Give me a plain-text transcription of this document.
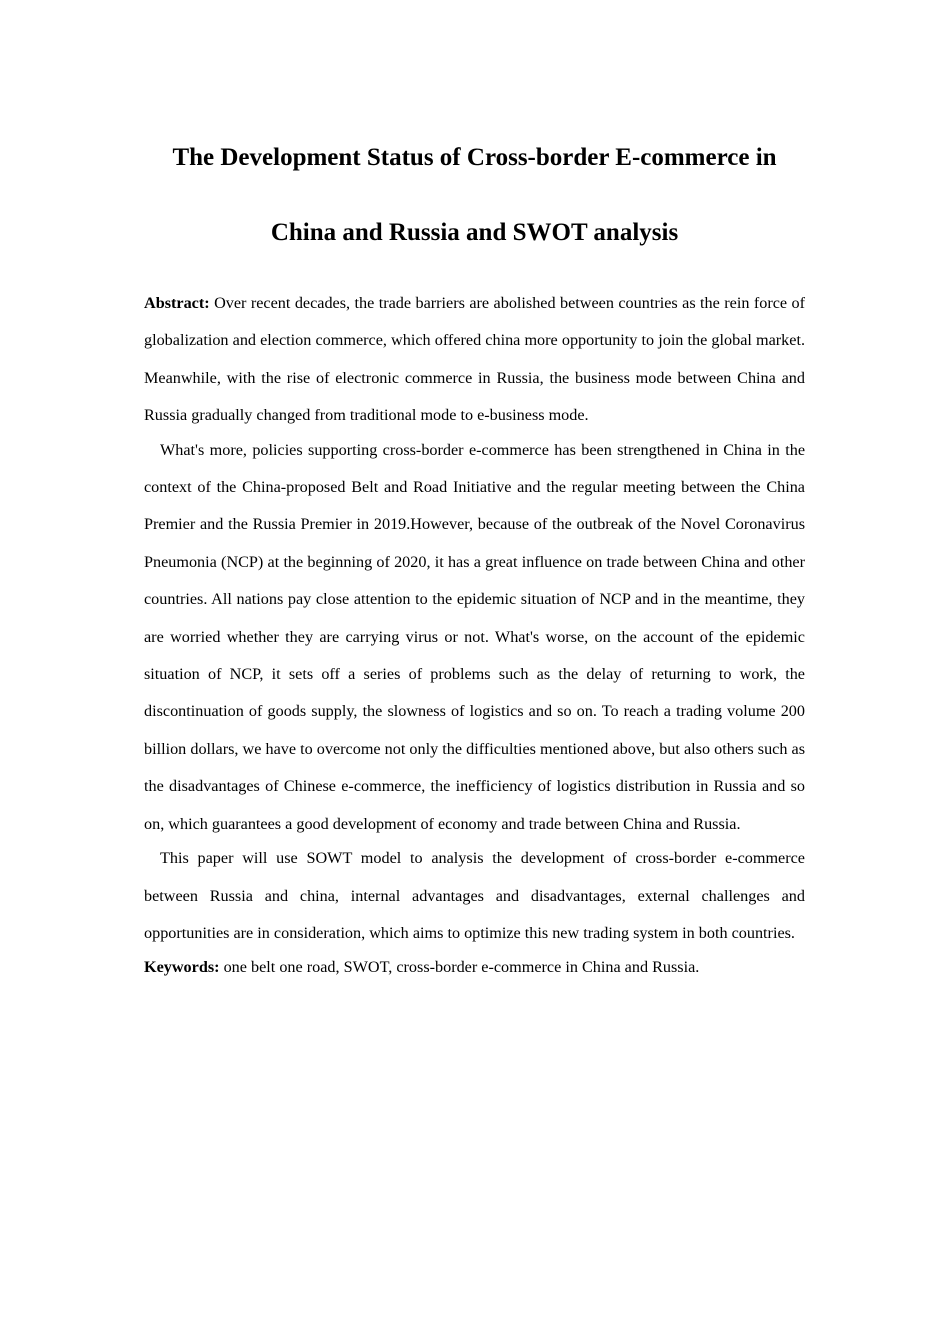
The Development Status of Cross-border E-commerce in
China and Russia and SWOT analysis

Abstract: Over recent decades, the trade barriers are abolished between countries as the rein force of globalization and election commerce, which offered china more opportunity to join the global market. Meanwhile, with the rise of electronic commerce in Russia, the business mode between China and Russia gradually changed from traditional mode to e-business mode.

What's more, policies supporting cross-border e-commerce has been strengthened in China in the context of the China-proposed Belt and Road Initiative and the regular meeting between the China Premier and the Russia Premier in 2019.However, because of the outbreak of the Novel Coronavirus Pneumonia (NCP) at the beginning of 2020, it has a great influence on trade between China and other countries. All nations pay close attention to the epidemic situation of NCP and in the meantime, they are worried whether they are carrying virus or not. What's worse, on the account of the epidemic situation of NCP, it sets off a series of problems such as the delay of returning to work, the discontinuation of goods supply, the slowness of logistics and so on. To reach a trading volume 200 billion dollars, we have to overcome not only the difficulties mentioned above, but also others such as the disadvantages of Chinese e-commerce, the inefficiency of logistics distribution in Russia and so on, which guarantees a good development of economy and trade between China and Russia.

This paper will use SOWT model to analysis the development of cross-border e-commerce between Russia and china, internal advantages and disadvantages, external challenges and opportunities are in consideration, which aims to optimize this new trading system in both countries.

Keywords: one belt one road, SWOT, cross-border e-commerce in China and Russia.
